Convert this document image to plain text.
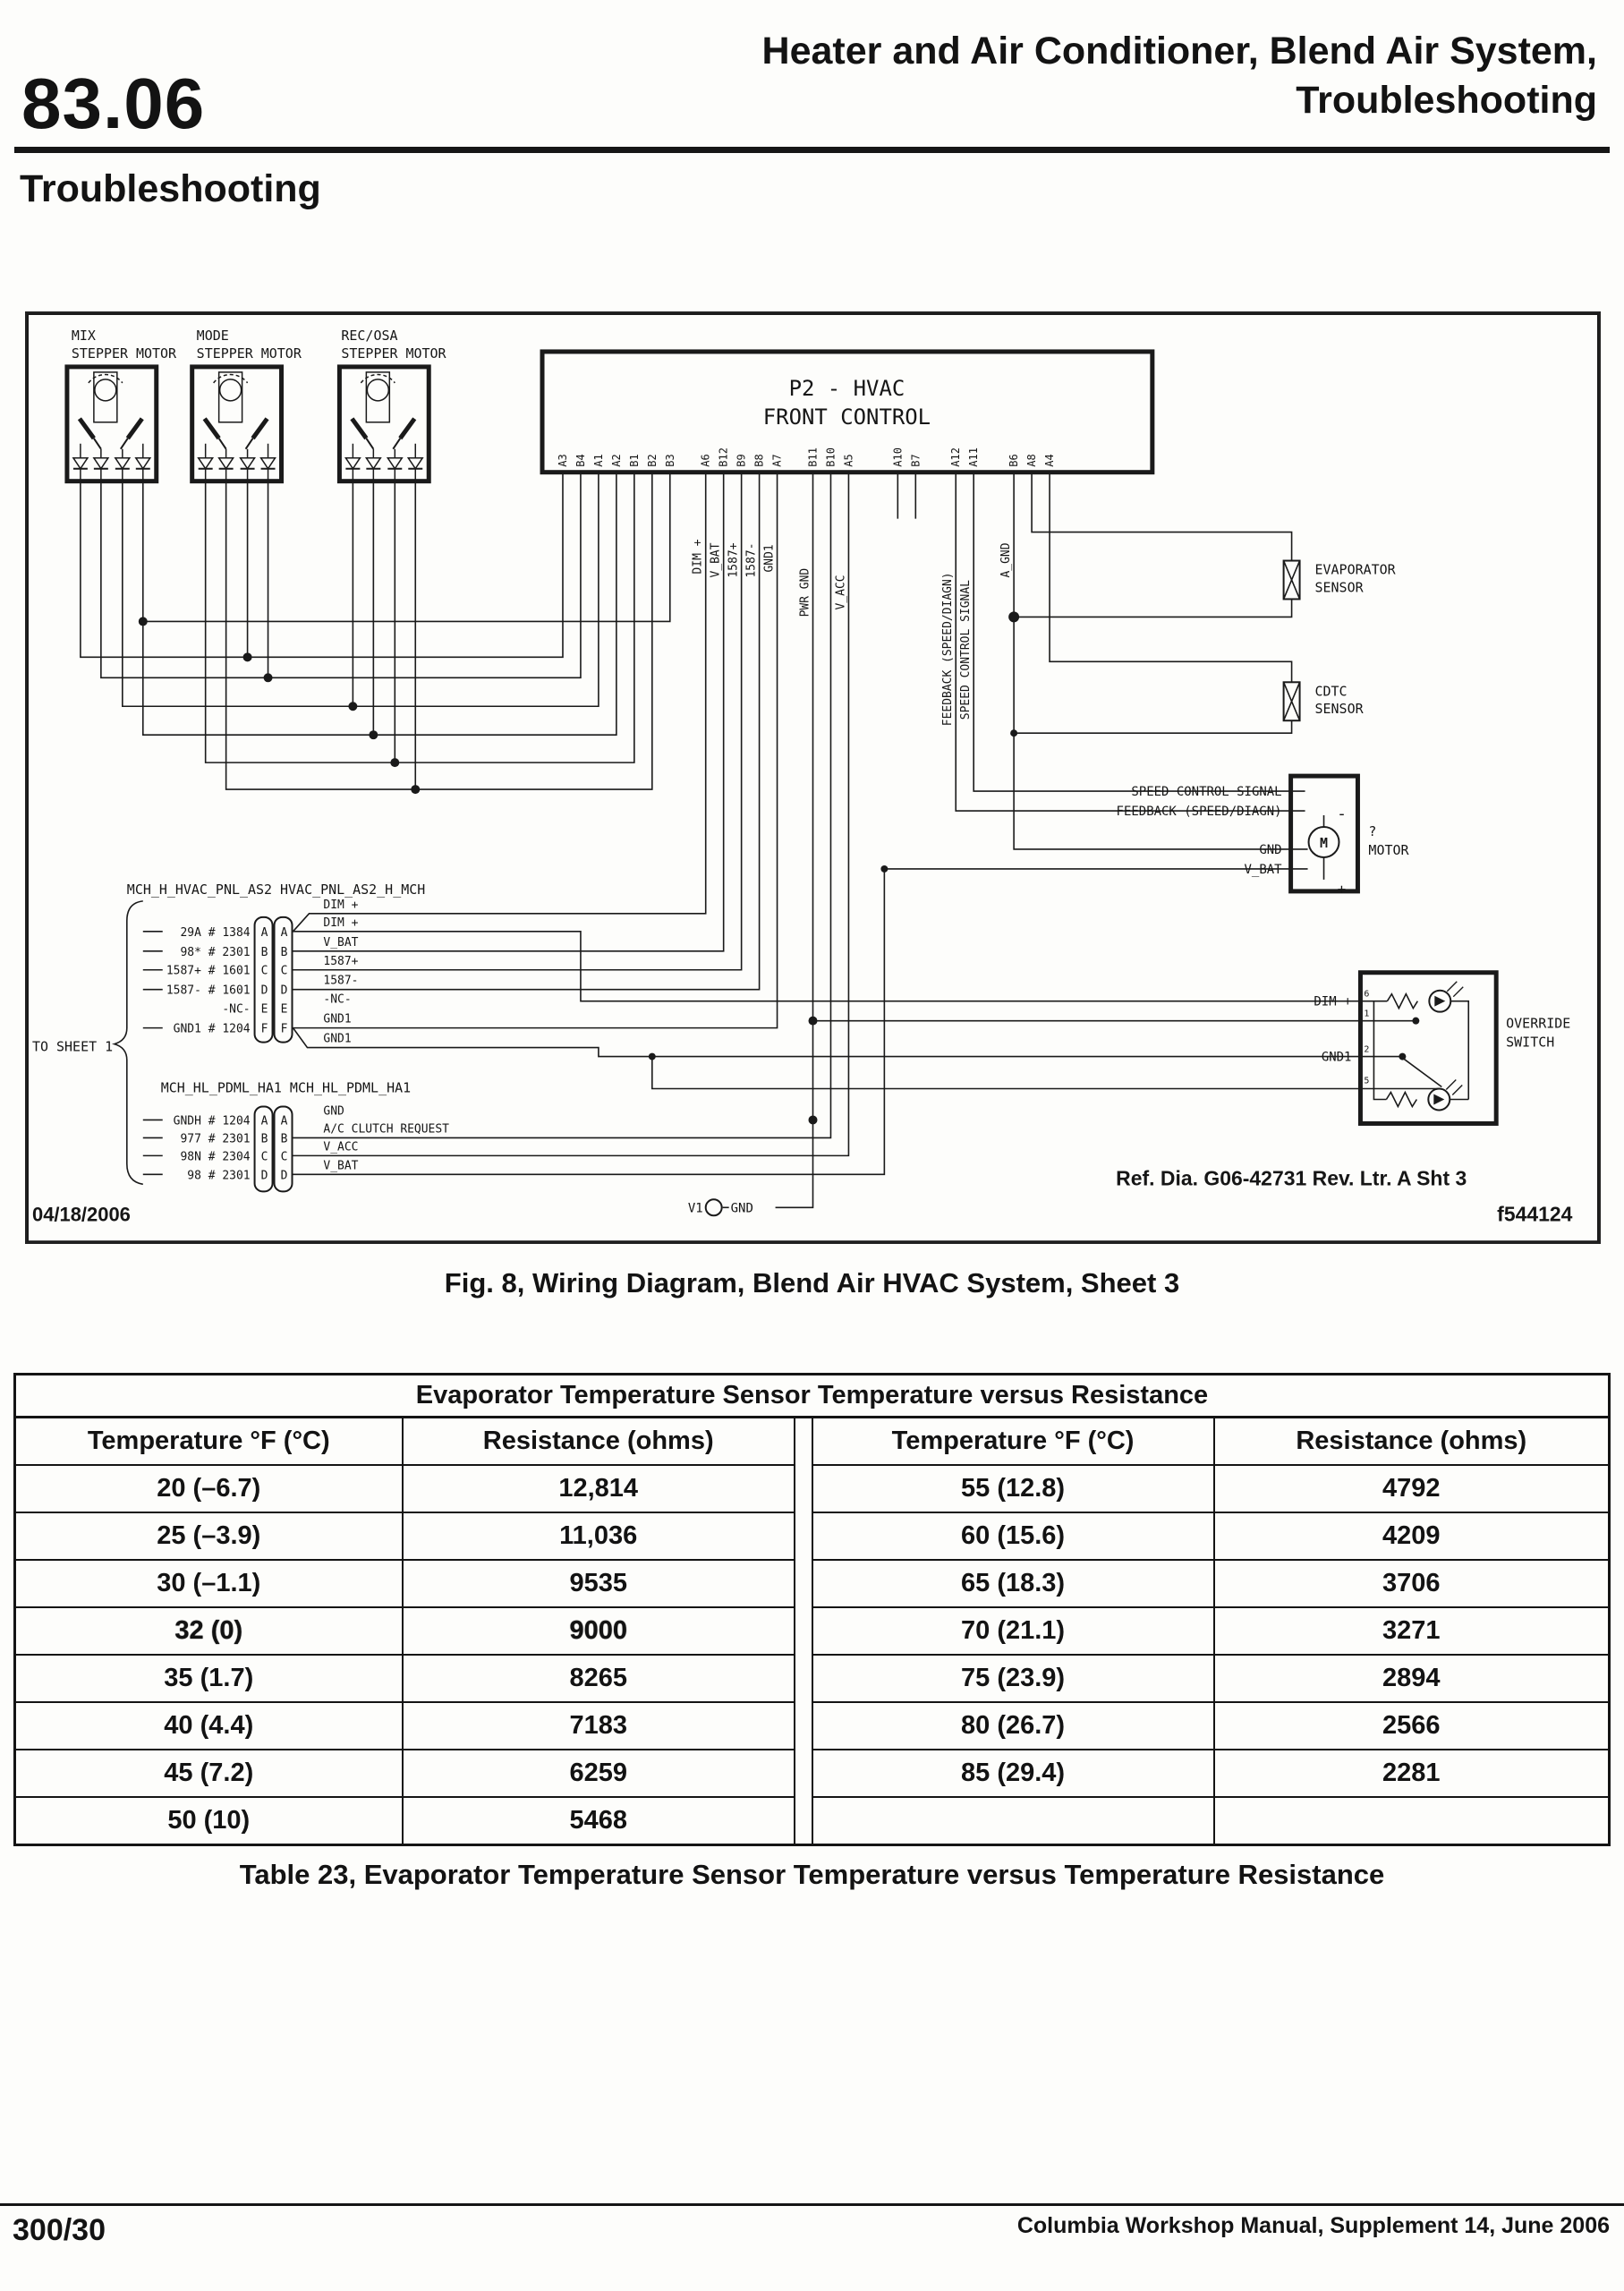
83.06
Heater and Air Conditioner, Blend Air System,
Troubleshooting
Troubleshooting
MIX
STEPPER MOTOR
MODE
STEPPER MOTOR
REC/OSA
STEPPER MOTOR
P2 - HVAC
FRONT CONTROL
A3 B4 A1 A2 B1 B2 B3 A6 B12 B9 B8 A7 B11 B10 A5	A10 B7	A12 A11	B6 A8 A4
DIM + V_BAT 1587+ 1587- GND1
PWR GND V_ACC	FEEDBACK (SPEED/DIAGN) SPEED CONTROL SIGNAL
A_GND	EVAPORATOR
SENSOR
CDTC
SENSOR
SPEED CONTROL SIGNAL
FEEDBACK (SPEED/DIAGN)
GND
V_BAT
M
-
+
?
MOTOR
DIM +
GND1
OVERRIDE
SWITCH
6
1
2
5
MCH_H_HVAC_PNL_AS2 HVAC_PNL_AS2_H_MCH
29A # 1384
98* # 2301
1587+ # 1601
1587- # 1601
-NC-
GND1 # 1204
A A
B B
C C
D D
E E
F F
DIM +
DIM +
V_BAT
1587+
1587-
-NC-
GND1
GND1
TO SHEET 1
MCH_HL_PDML_HA1 MCH_HL_PDML_HA1
GNDH # 1204
977 # 2301
98N # 2304
98 # 2301
A A
B B
C C
D D
GND
A/C CLUTCH REQUEST
V_ACC
V_BAT
V1 GND
04/18/2006
Ref. Dia. G06-42731 Rev. Ltr. A Sht 3
f544124
Fig. 8, Wiring Diagram, Blend Air HVAC System, Sheet 3
Evaporator Temperature Sensor Temperature versus Resistance				
Temperature °F (°C)	Resistance (ohms)		Temperature °F (°C)	Resistance (ohms)
20 (–6.7)	12,814		55 (12.8)	4792
25 (–3.9)	11,036		60 (15.6)	4209
30 (–1.1)	9535		65 (18.3)	3706
32 (0)	9000		70 (21.1)	3271
35 (1.7)	8265		75 (23.9)	2894
40 (4.4)	7183		80 (26.7)	2566
45 (7.2)	6259		85 (29.4)	2281
50 (10)	5468			
Table 23, Evaporator Temperature Sensor Temperature versus Temperature Resistance
300/30	Columbia Workshop Manual, Supplement 14, June 2006
